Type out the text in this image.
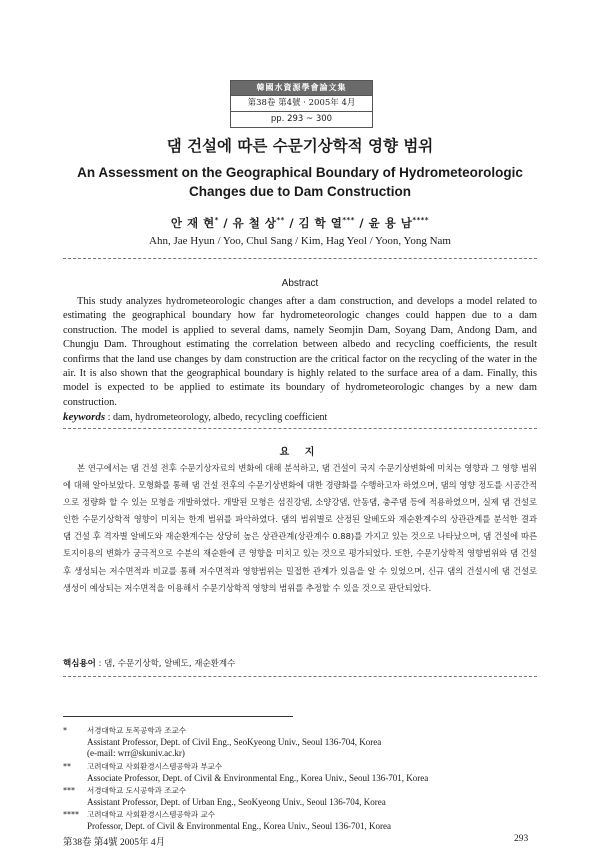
韓國水資源學會論文集
第38卷 第4號 · 2005年 4月
pp. 293 ~ 300
댐 건설에 따른 수문기상학적 영향 범위
An Assessment on the Geographical Boundary of Hydrometeorologic
Changes due to Dam Construction
안 재 현* / 유 철 상** / 김 학 열*** / 윤 용 남****
Ahn, Jae Hyun / Yoo, Chul Sang / Kim, Hag Yeol / Yoon, Yong Nam
Abstract

This study analyzes hydrometeorologic changes after a dam construction, and develops a model related to estimating the geographical boundary how far hydrometeorologic changes could happen due to a dam construction. The model is applied to several dams, namely Seomjin Dam, Soyang Dam, Andong Dam, and Chungju Dam. Throughout estimating the correlation between albedo and recycling coefficients, the result confirms that the land use changes by dam construction are the critical factor on the recycling of the water in the air. It is also shown that the geographical boundary is highly related to the surface area of a dam. Finally, this model is expected to be applied to estimate its boundary of hydrometeorologic changes by a new dam construction.

keywords : dam, hydrometeorology, albedo, recycling coefficient
요 지

본 연구에서는 댐 건설 전후 수문기상자료의 변화에 대해 분석하고, 댐 건설이 국지 수문기상변화에 미치는 영향과 그 영향 범위에 대해 알아보았다. 모형화를 통해 댐 건설 전후의 수문기상변화에 대한 경량화를 수행하고자 하였으며, 댐의 영향 정도를 시공간적으로 정량화 할 수 있는 모형을 개발하였다. 개발된 모형은 섬진강댐, 소양강댐, 안동댐, 충주댐 등에 적용하였으며, 실제 댐 건설로 인한 수문기상학적 영향이 미치는 한계 범위를 파악하였다. 댐의 범위별로 산정된 알베도와 재순환계수의 상관관계를 분석한 결과 댐 건설 후 격자별 알베도와 재순환계수는 상당히 높은 상관관계(상관계수 0.88)를 가지고 있는 것으로 나타났으며, 댐 건설에 따른 토지이용의 변화가 궁극적으로 수분의 재순환에 큰 영향을 미치고 있는 것으로 평가되었다. 또한, 수문기상학적 영향범위와 댐 건설 후 생성되는 저수면적과 비교를 통해 저수면적과 영향범위는 밀접한 관계가 있음을 알 수 있었으며, 신규 댐의 건설시에 댐 건설로 생성이 예상되는 저수면적을 이용해서 수문기상학적 영향의 범위를 추정할 수 있을 것으로 판단되었다.

핵심용어 : 댐, 수문기상학, 알베도, 재순환계수
*	서경대학교 토목공학과 조교수
Assistant Professor, Dept. of Civil Eng., SeoKyeong Univ., Seoul 136-704, Korea
(e-mail: wrr@skuniv.ac.kr)
** 고려대학교 사회환경시스템공학과 부교수
Associate Professor, Dept. of Civil & Environmental Eng., Korea Univ., Seoul 136-701, Korea
*** 서경대학교 도시공학과 조교수
Assistant Professor, Dept. of Urban Eng., SeoKyeong Univ., Seoul 136-704, Korea
**** 고려대학교 사회환경시스템공학과 교수
Professor, Dept. of Civil & Environmental Eng., Korea Univ., Seoul 136-701, Korea
第38卷 第4號 2005年 4月	293
